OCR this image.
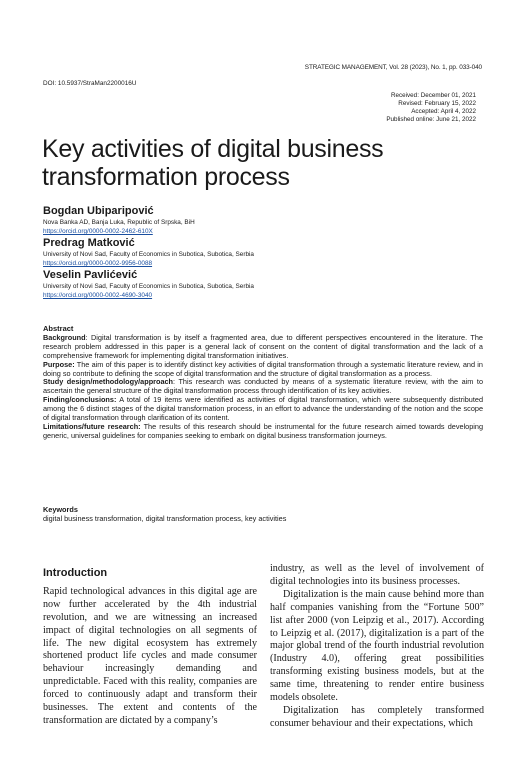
STRATEGIC MANAGEMENT, Vol. 28 (2023), No. 1, pp. 033-040
DOI: 10.5937/StraMan2200016U
Received: December 01, 2021
Revised: February 15, 2022
Accepted: April 4, 2022
Published online: June 21, 2022
Key activities of digital business
transformation process
Bogdan Ubiparipović
Nova Banka AD, Banja Luka, Republic of Srpska, BiH
https://orcid.org/0000-0002-2462-610X
Predrag Matković
University of Novi Sad, Faculty of Economics in Subotica, Subotica, Serbia
https://orcid.org/0000-0002-9956-0088
Veselin Pavlićević
University of Novi Sad, Faculty of Economics in Subotica, Subotica, Serbia
https://orcid.org/0000-0002-4690-3040
Abstract

Background: Digital transformation is by itself a fragmented area, due to different perspectives encountered in the literature. The research problem addressed in this paper is a general lack of consent on the content of digital transformation and the lack of a comprehensive framework for implementing digital transformation initiatives.

Purpose: The aim of this paper is to identify distinct key activities of digital transformation through a systematic literature review, and in doing so contribute to defining the scope of digital transformation and the structure of digital transformation as a process.

Study design/methodology/approach: This research was conducted by means of a systematic literature review, with the aim to ascertain the general structure of the digital transformation process through identification of its key activities.

Finding/conclusions: A total of 19 items were identified as activities of digital transformation, which were subsequently distributed among the 6 distinct stages of the digital transformation process, in an effort to advance the understanding of the notion and the scope of digital transformation through clarification of its content.

Limitations/future research: The results of this research should be instrumental for the future research aimed towards developing generic, universal guidelines for companies seeking to embark on digital business transformation journeys.

Keywords
digital business transformation, digital transformation process, key activities
Introduction

Rapid technological advances in this digital age are now further accelerated by the 4th industrial revolution, and we are witnessing an increased impact of digital technologies on all segments of life. The new digital ecosystem has extremely shortened product life cycles and made consumer behaviour increasingly demanding and unpredictable. Faced with this reality, companies are forced to continuously adapt and transform their businesses. The extent and contents of the transformation are dictated by a company’s

industry, as well as the level of involvement of digital technologies into its business processes.

Digitalization is the main cause behind more than half companies vanishing from the “Fortune 500” list after 2000 (von Leipzig et al., 2017). According to Leipzig et al. (2017), digitalization is a part of the major global trend of the fourth industrial revolution (Industry 4.0), offering great possibilities transforming existing business models, but at the same time, threatening to render entire business models obsolete.

Digitalization has completely transformed consumer behaviour and their expectations, which
